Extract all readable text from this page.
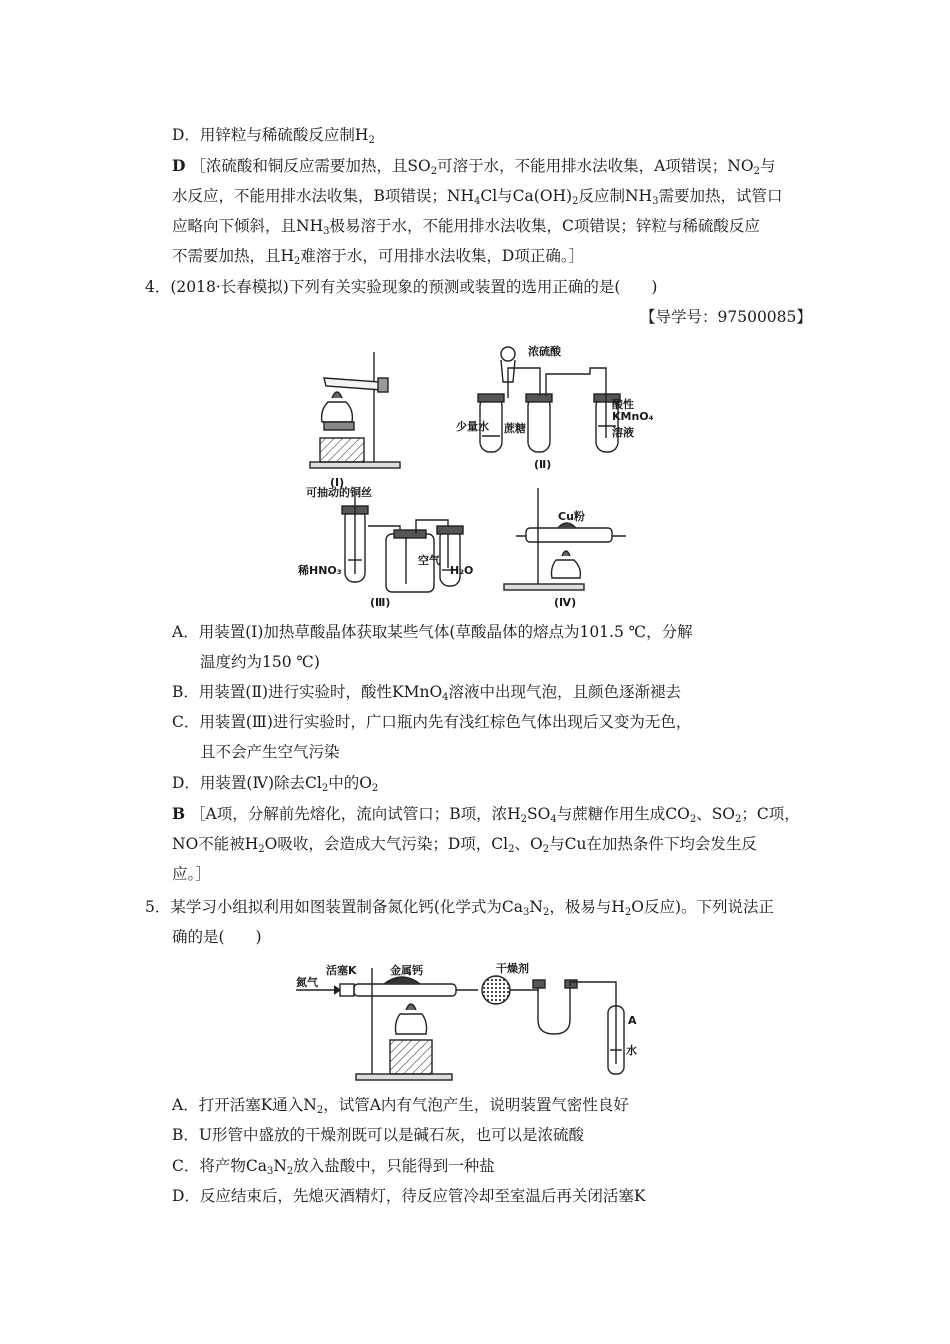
D．用锌粒与稀硫酸反应制$H_2$
D ［浓硫酸和铜反应需要加热，且$SO_2$可溶于水，不能用排水法收集，A项错误；$NO_2$与
水反应，不能用排水法收集，B项错误；$NH_4Cl$与$Ca(OH)_2$反应制$NH_3$需要加热，试管口
应略向下倾斜，且$NH_3$极易溶于水，不能用排水法收集，C项错误；锌粒与稀硫酸反应
不需要加热，且$H_2$难溶于水，可用排水法收集，D项正确。］
4．(2018·长春模拟)下列有关实验现象的预测或装置的选用正确的是(　　)
【导学号：97500085】
浓硫酸
少量水 蔗糖
酸性
KMnO₄
溶液
(Ⅰ)
(Ⅱ)
可抽动的铜丝
稀HNO₃
空气
H₂O
(Ⅲ)
Cu粉
(Ⅳ)
A．用装置(Ⅰ)加热草酸晶体获取某些气体(草酸晶体的熔点为101.5 ℃，分解
温度约为150 ℃)
B．用装置(Ⅱ)进行实验时，酸性KMnO$_4$溶液中出现气泡，且颜色逐渐褪去
C．用装置(Ⅲ)进行实验时，广口瓶内先有浅红棕色气体出现后又变为无色，
且不会产生空气污染
D．用装置(Ⅳ)除去$Cl_2$中的$O_2$
B ［A项，分解前先熔化，流向试管口；B项，浓$H_2SO_4$与蔗糖作用生成$CO_2$、$SO_2$；C项，
NO不能被$H_2O$吸收，会造成大气污染；D项，$Cl_2$、$O_2$与Cu在加热条件下均会发生反
应。］
5．某学习小组拟利用如图装置制备氮化钙(化学式为$Ca_3N_2$，极易与$H_2O$反应)。下列说法正
确的是(　　)
活塞K	金属钙	干燥剂
氮气
A
水
A．打开活塞K通入$N_2$，试管A内有气泡产生，说明装置气密性良好
B．U形管中盛放的干燥剂既可以是碱石灰，也可以是浓硫酸
C．将产物$Ca_3N_2$放入盐酸中，只能得到一种盐
D．反应结束后，先熄灭酒精灯，待反应管冷却至室温后再关闭活塞K
